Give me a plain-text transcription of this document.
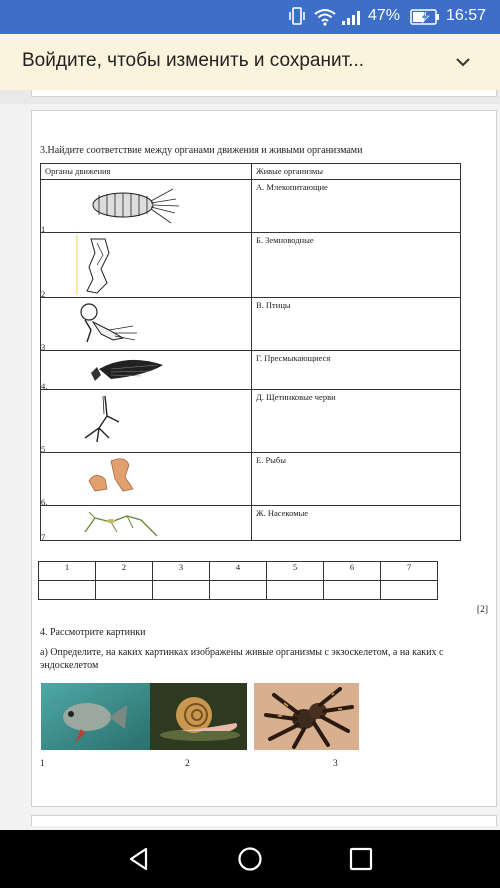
47%	16:57
Войдите, чтобы изменить и сохранит...
3.Найдите соответствие между органами движения и живыми организмами
Органы движения	Живые организмы

1	А. Млекопитающие

2	Б. Земноводные

3	В. Птицы

4.	Г. Пресмыкающиеся

5	Д. Щетинковые черви

6.	Е. Рыбы

7	Ж. Насекомые
1	2	3	4	5	6	7

[2]
4. Рассмотрите картинки
а) Определите, на каких картинках изображены живые организмы с экзоскелетом, а на каких с эндоскелетом
1	2	3
